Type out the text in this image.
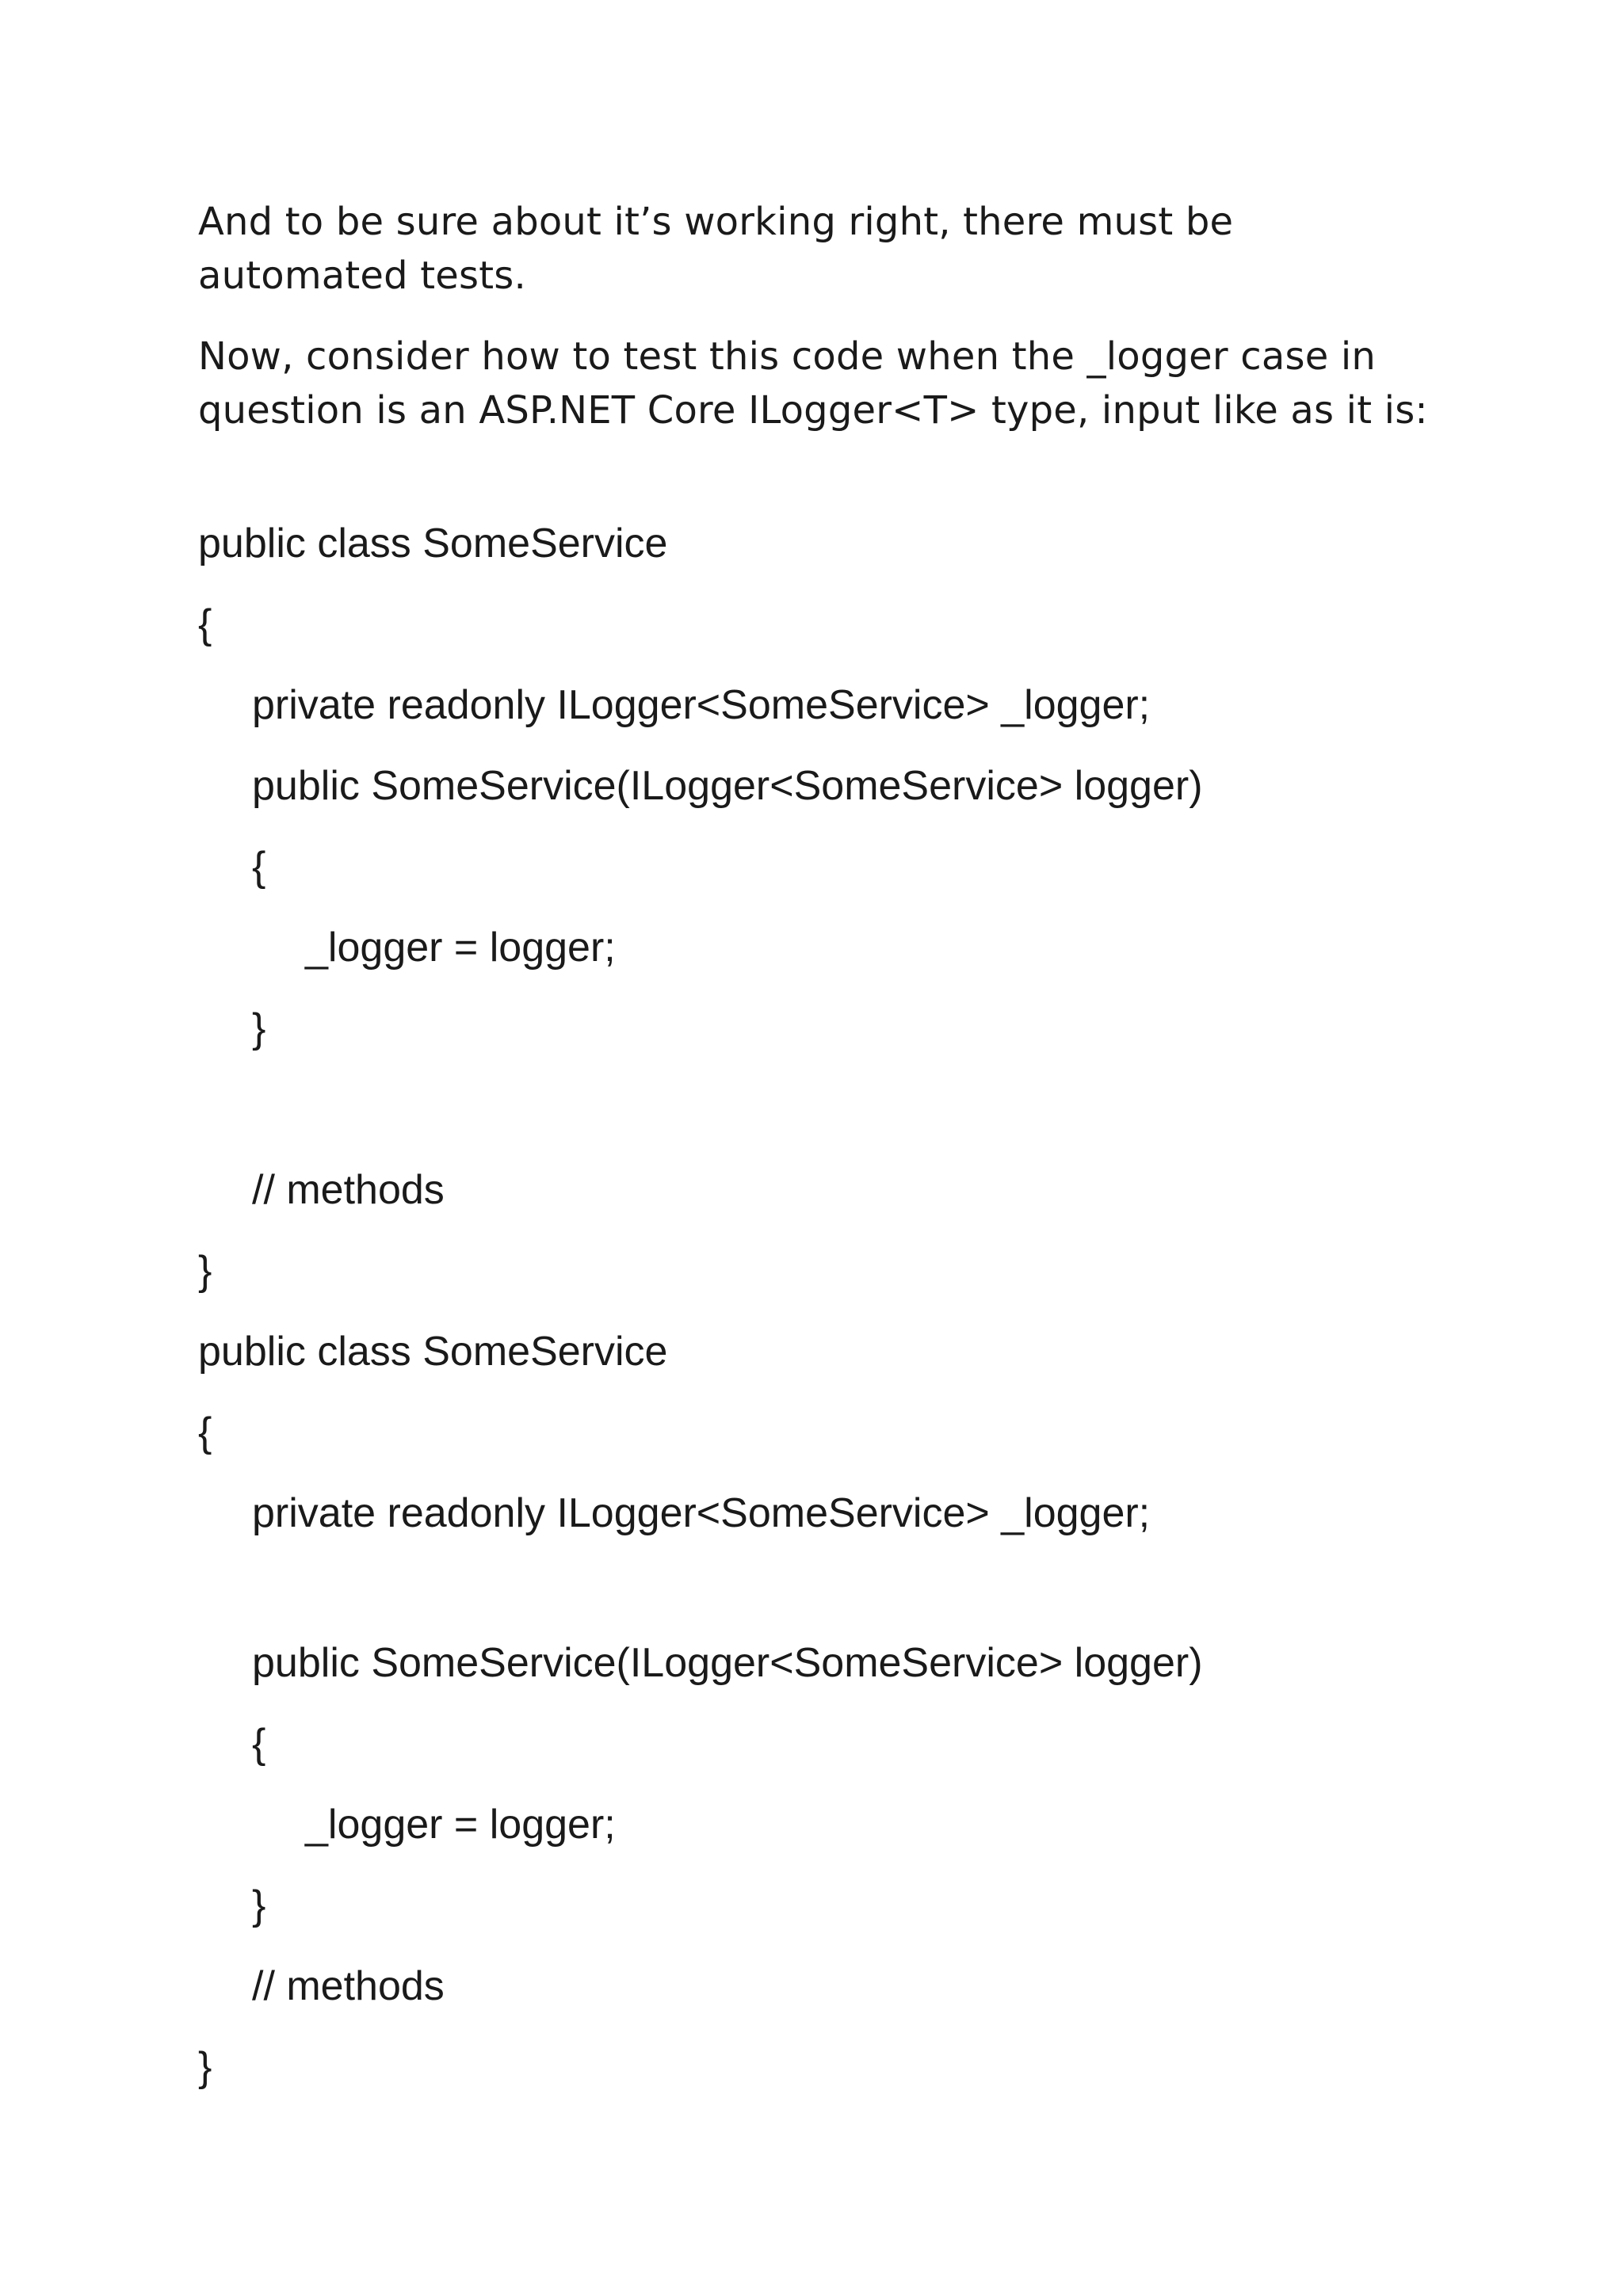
And to be sure about it’s working right, there must be automated tests.

Now, consider how to test this code when the _logger case in question is an ASP.NET Core ILogger<T> type, input like as it is:

public class SomeService

{

private readonly ILogger<SomeService> _logger;

public SomeService(ILogger<SomeService> logger)

{

_logger = logger;

}

// methods

}

public class SomeService

{

private readonly ILogger<SomeService> _logger;

public SomeService(ILogger<SomeService> logger)

{

_logger = logger;

}

// methods

}
